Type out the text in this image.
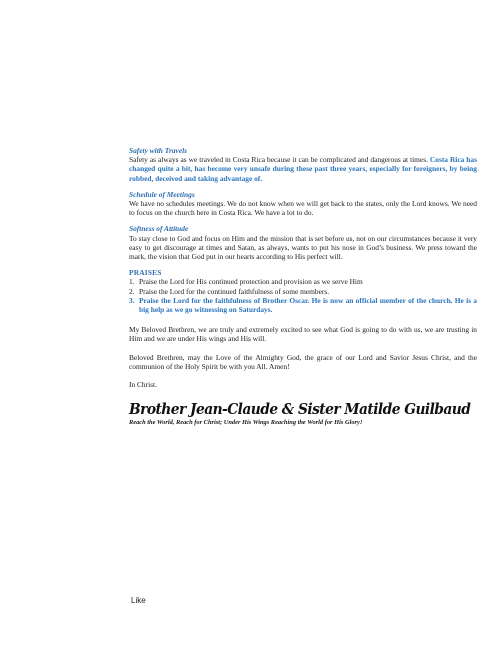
Safety with Travels

Safety as always as we traveled in Costa Rica because it can be complicated and dangerous at times. Costa Rica has changed quite a bit, has become very unsafe during these past three years, especially for foreigners, by being robbed, deceived and taking advantage of.

Schedule of Meetings

We have no schedules meetings. We do not know when we will get back to the states, only the Lord knows. We need to focus on the church here in Costa Rica. We have a lot to do.

Softness of Attitude

To stay close to God and focus on Him and the mission that is set before us, not on our circumstances because it very easy to get discourage at times and Satan, as always, wants to put his nose in God’s business. We press toward the mark, the vision that God put in our hearts according to His perfect will.

PRAISES

1. Praise the Lord for His continued protection and provision as we serve Him
2. Praise the Lord for the continued faithfulness of some members.
3. Praise the Lord for the faithfulness of Brother Oscar. He is now an official member of the church. He is a big help as we go witnessing on Saturdays.

My Beloved Brethren, we are truly and extremely excited to see what God is going to do with us, we are trusting in Him and we are under His wings and His will.

Beloved Brethren, may the Love of the Almighty God, the grace of our Lord and Savior Jesus Christ, and the communion of the Holy Spirit be with you All. Amen!

In Christ.

Brother Jean-Claude & Sister Matilde Guilbaud

Reach the World, Reach for Christ; Under His Wings Reaching the World for His Glory!

Like
